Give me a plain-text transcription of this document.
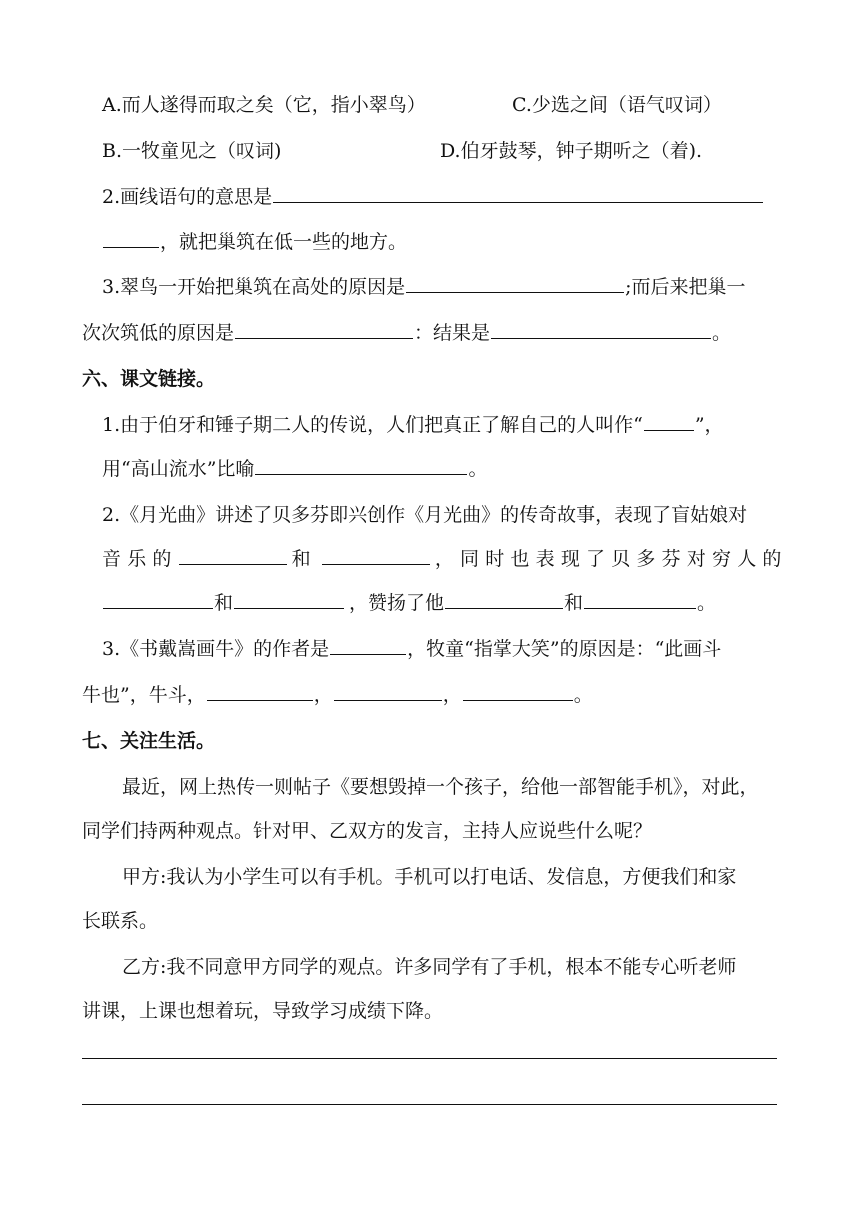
A.而人遂得而取之矣（它，指小翠鸟）	C.少选之间（语气叹词）
B.一牧童见之（叹词)	D.伯牙鼓琴，钟子期听之（着).
2.画线语句的意思是
，就把巢筑在低一些的地方。
3.翠鸟一开始把巢筑在高处的原因是	;而后来把巢一
次次筑低的原因是	：结果是	。
六、课文链接。
1.由于伯牙和锤子期二人的传说，人们把真正了解自己的人叫作“	”，
用“高山流水”比喻	。
2.《月光曲》讲述了贝多芬即兴创作《月光曲》的传奇故事，表现了盲姑娘对
音乐的	和	，同时也表现了贝多芬对穷人的
和	，赞扬了他	和	。
3.《书戴嵩画牛》的作者是	，牧童“指掌大笑”的原因是：“此画斗
牛也”，牛斗，	，	，	。
七、关注生活。
最近，网上热传一则帖子《要想毁掉一个孩子，给他一部智能手机》，对此，
同学们持两种观点。针对甲、乙双方的发言，主持人应说些什么呢？
甲方:我认为小学生可以有手机。手机可以打电话、发信息，方便我们和家
长联系。
乙方:我不同意甲方同学的观点。许多同学有了手机，根本不能专心听老师
讲课，上课也想着玩，导致学习成绩下降。
